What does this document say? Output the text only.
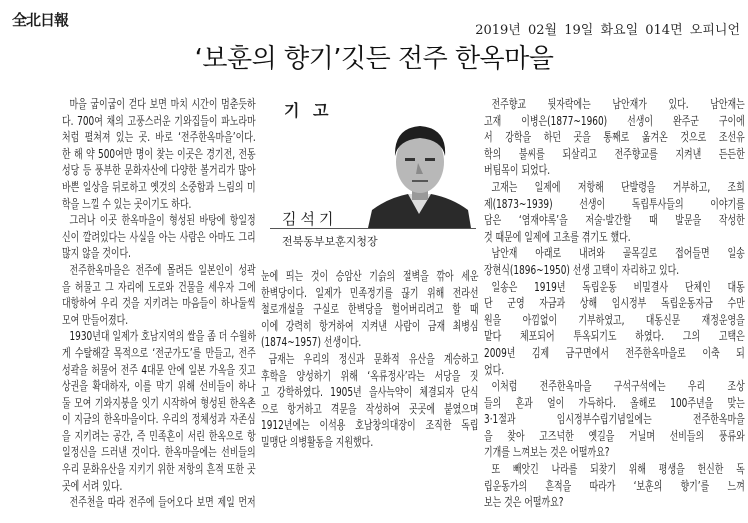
全北日報
2019년 02월 19일 화요일 014면 오피니언
‘보훈의 향기’깃든 전주 한옥마을
기 고
김석기
전북동부보훈지청장
마을 굽이굽이 걷다 보면 마치 시간이 멈춘듯하
다. 700여 채의 고풍스러운 기와집들이 파노라마
처럼 펼쳐져 있는 곳. 바로 ‘전주한옥마을’이다.
한 해 약 500여만 명이 찾는 이곳은 경기전, 전동
성당 등 풍부한 문화자산에 다양한 볼거리가 많아
바쁜 일상을 뒤로하고 옛것의 소중함과 느림의 미
학을 느낄 수 있는 곳이기도 하다.
그러나 이곳 한옥마을이 형성된 바탕에 항일정
신이 깔려있다는 사실을 아는 사람은 아마도 그리
많지 않을 것이다.
전주한옥마을은 전주에 몰려든 일본인이 성곽
을 허물고 그 자리에 도로와 건물을 세우자 그에
대항하여 우리 것을 지키려는 마음들이 하나둘씩
모여 만들어졌다.
1930년대 일제가 호남지역의 쌀을 좀 더 수월하
게 수탈해갈 목적으로 ‘전군가도’를 만들고, 전주
성곽을 허물어 전주 4대문 안에 일본 가옥을 짓고
상권을 확대하자, 이를 막기 위해 선비들이 하나
둘 모여 기와지붕을 잇기 시작하여 형성된 한옥촌
이 지금의 한옥마을이다. 우리의 정체성과 자존심
을 지키려는 공간, 즉 민족혼이 서린 한옥으로 항
일정신을 드러낸 것이다. 한옥마을에는 선비들의
우리 문화유산을 지키기 위한 저항의 흔적 또한 곳
곳에 서려 있다.
전주천을 따라 전주에 들어오다 보면 제일 먼저
눈에 띄는 것이 승암산 기슭의 절벽을 깎아 세운
한벽당이다. 일제가 민족정기를 끊기 위해 전라선
철로개설을 구실로 한벽당을 헐어버리려고 할 때
이에 강력히 항거하여 지켜낸 사람이 금재 최병심
(1874~1957) 선생이다.
금재는 우리의 정신과 문화적 유산을 계승하고
후학을 양성하기 위해 ‘옥류정사’라는 서당을 짓
고 강학하였다. 1905년 을사늑약이 체결되자 단식
으로 항거하고 격문을 작성하여 곳곳에 붙였으며
1912년에는 이석용 호남창의대장이 조직한 독립
밀맹단 의병활동을 지원했다.
전주향교 뒷자락에는 남안재가 있다. 남안재는
고재 이병은(1877~1960) 선생이 완주군 구이에
서 강학을 하던 곳을 통째로 옮겨온 것으로 조선유
학의 불씨를 되살리고 전주향교를 지켜낸 든든한
버팀목이 되었다.
고재는 일제에 저항해 단발령을 거부하고, 조희
제(1873~1939) 선생이 독립투사들의 이야기를
담은 ‘염재야록’을 저술·발간할 때 발문을 작성한
것 때문에 일제에 고초를 겪기도 했다.
남안재 아래로 내려와 골목길로 접어들면 일송
장현식(1896~1950) 선생 고택이 자리하고 있다.
일송은 1919년 독립운동 비밀결사 단체인 대동
단 군영 자금과 상해 임시정부 독립운동자금 수만
원을 아낌없이 기부하였고, 대동신문 재정운영을
맡다 체포되어 투옥되기도 하였다. 그의 고택은
2009년 김제 금구면에서 전주한옥마을로 이축 되
었다.
이처럼 전주한옥마을 구석구석에는 우리 조상
들의 혼과 얼이 가득하다. 올해로 100주년을 맞는
3·1절과 임시정부수립기념일에는 전주한옥마을
을 찾아 고즈넉한 옛길을 거닐며 선비들의 풍류와
기개를 느껴보는 것은 어떨까요?
또 빼앗긴 나라를 되찾기 위해 평생을 헌신한 독
립운동가의 흔적을 따라가 ‘보훈의 향기’를 느껴
보는 것은 어떨까요?
